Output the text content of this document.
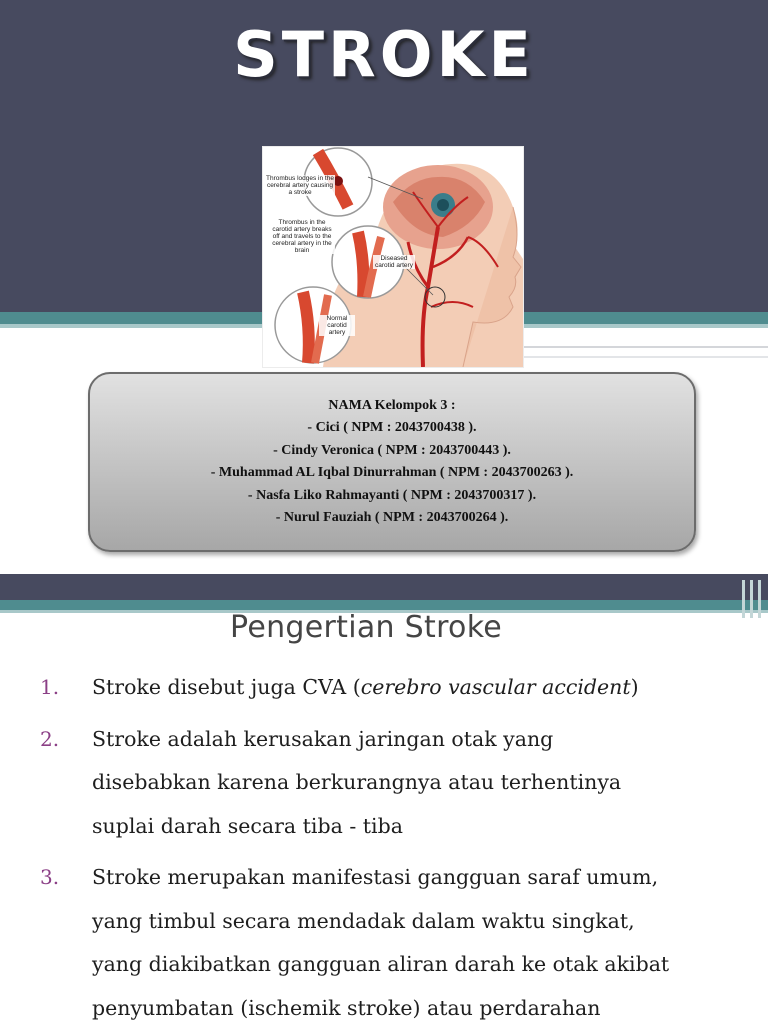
STROKE
Thrombus lodges in the cerebral artery causing a stroke
Thrombus in the carotid artery breaks off and travels to the cerebral artery in the brain
Diseased carotid artery
Normal carotid artery
NAMA Kelompok 3 :
- Cici ( NPM : 2043700438 ).
- Cindy Veronica ( NPM : 2043700443 ).
- Muhammad AL Iqbal Dinurrahman ( NPM : 2043700263 ).
- Nasfa Liko Rahmayanti ( NPM : 2043700317 ).
- Nurul Fauziah ( NPM : 2043700264 ).
Pengertian Stroke
1.	Stroke disebut juga CVA (cerebro vascular accident)
2.	Stroke adalah kerusakan jaringan otak yang
disebabkan karena berkurangnya atau terhentinya
suplai darah secara tiba - tiba
3.	Stroke merupakan manifestasi gangguan saraf umum,
yang timbul secara mendadak dalam waktu singkat,
yang diakibatkan gangguan aliran darah ke otak akibat
penyumbatan (ischemik stroke) atau perdarahan
